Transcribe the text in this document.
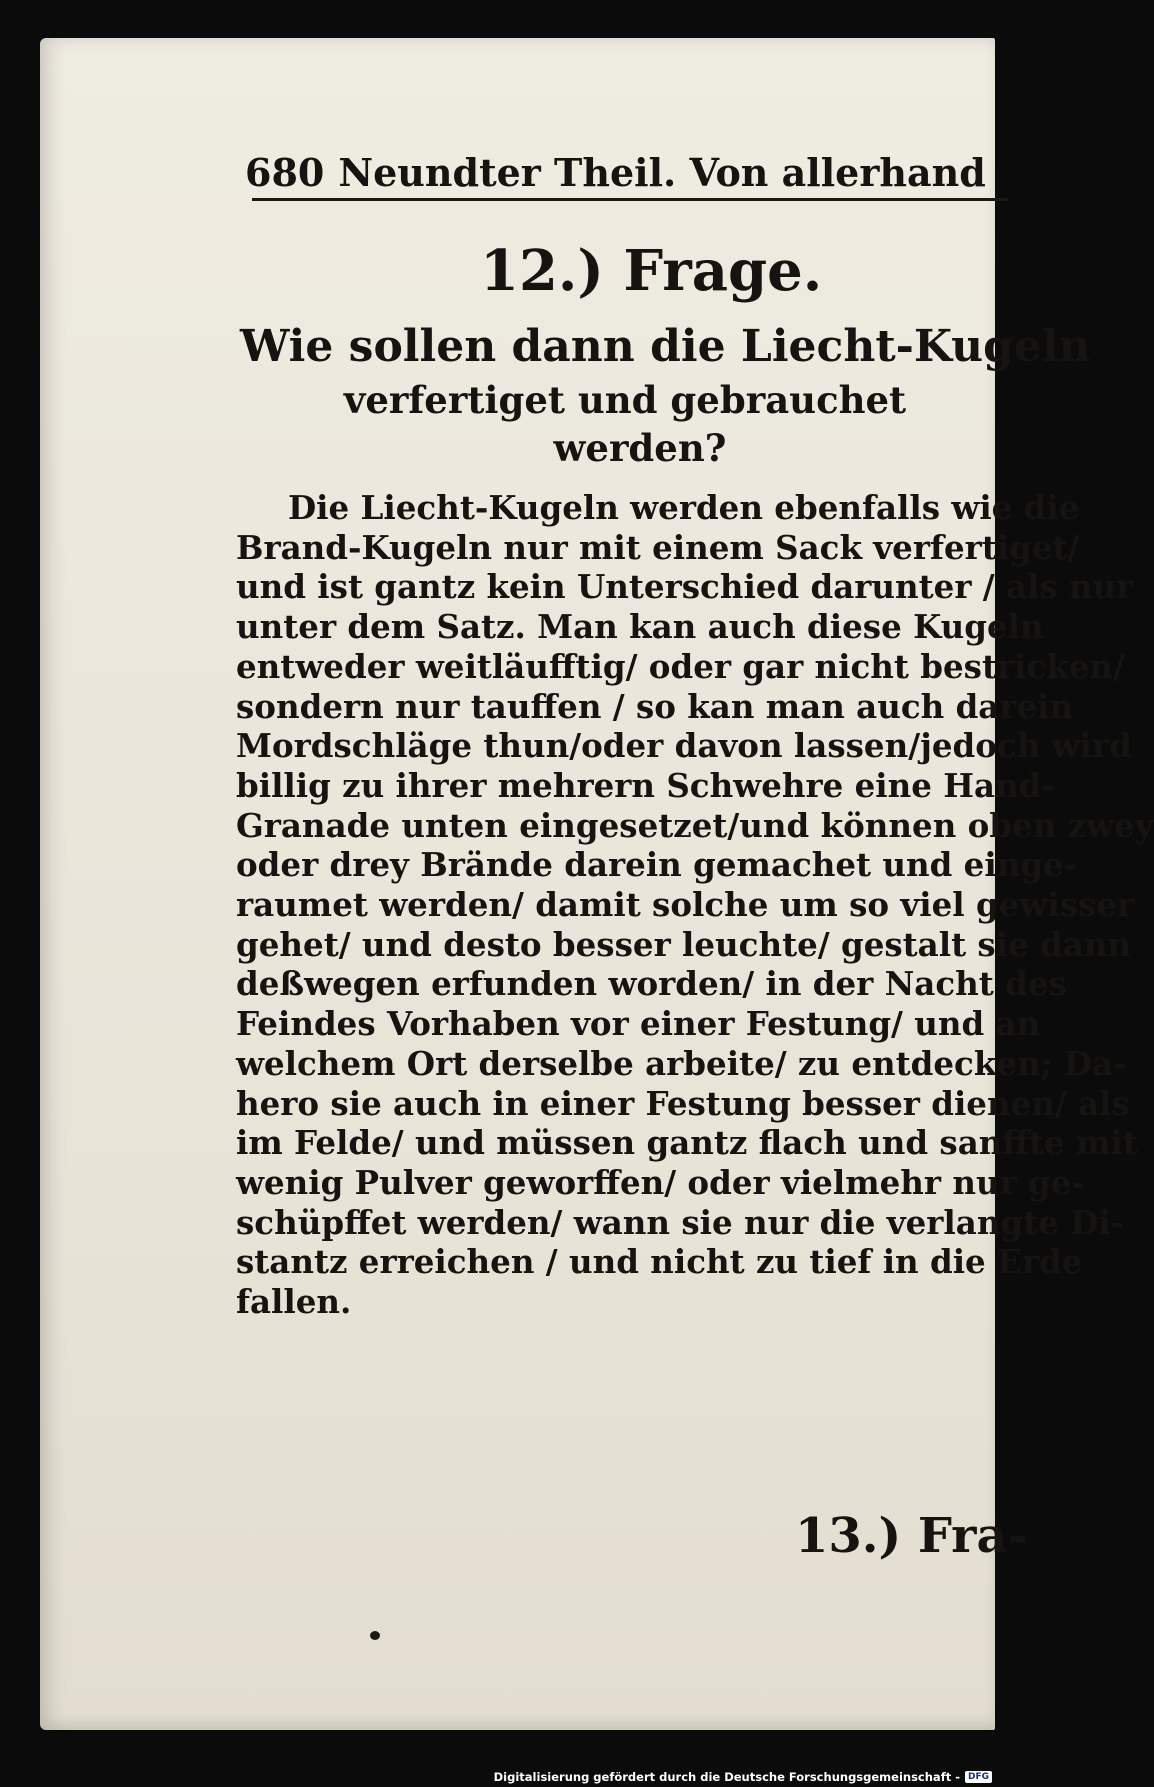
680 Neundter Theil. Von allerhand
12.) Frage.
Wie sollen dann die Liecht-Kugeln
verfertiget und gebrauchet
werden?
Die Liecht-Kugeln werden ebenfalls wie die
Brand-Kugeln nur mit einem Sack verfertiget/
und ist gantz kein Unterschied darunter / als nur
unter dem Satz. Man kan auch diese Kugeln
entweder weitläufftig/ oder gar nicht bestricken/
sondern nur tauffen / so kan man auch darein
Mordschläge thun/oder davon lassen/jedoch wird
billig zu ihrer mehrern Schwehre eine Hand-
Granade unten eingesetzet/und können oben zwey
oder drey Brände darein gemachet und einge-
raumet werden/ damit solche um so viel gewisser
gehet/ und desto besser leuchte/ gestalt sie dann
deßwegen erfunden worden/ in der Nacht des
Feindes Vorhaben vor einer Festung/ und an
welchem Ort derselbe arbeite/ zu entdecken; Da-
hero sie auch in einer Festung besser dienen/ als
im Felde/ und müssen gantz flach und sanffte mit
wenig Pulver geworffen/ oder vielmehr nur ge-
schüpffet werden/ wann sie nur die verlangte Di-
stantz erreichen / und nicht zu tief in die Erde
fallen.
13.) Fra-
Digitalisierung gefördert durch die Deutsche Forschungsgemeinschaft - DFG
